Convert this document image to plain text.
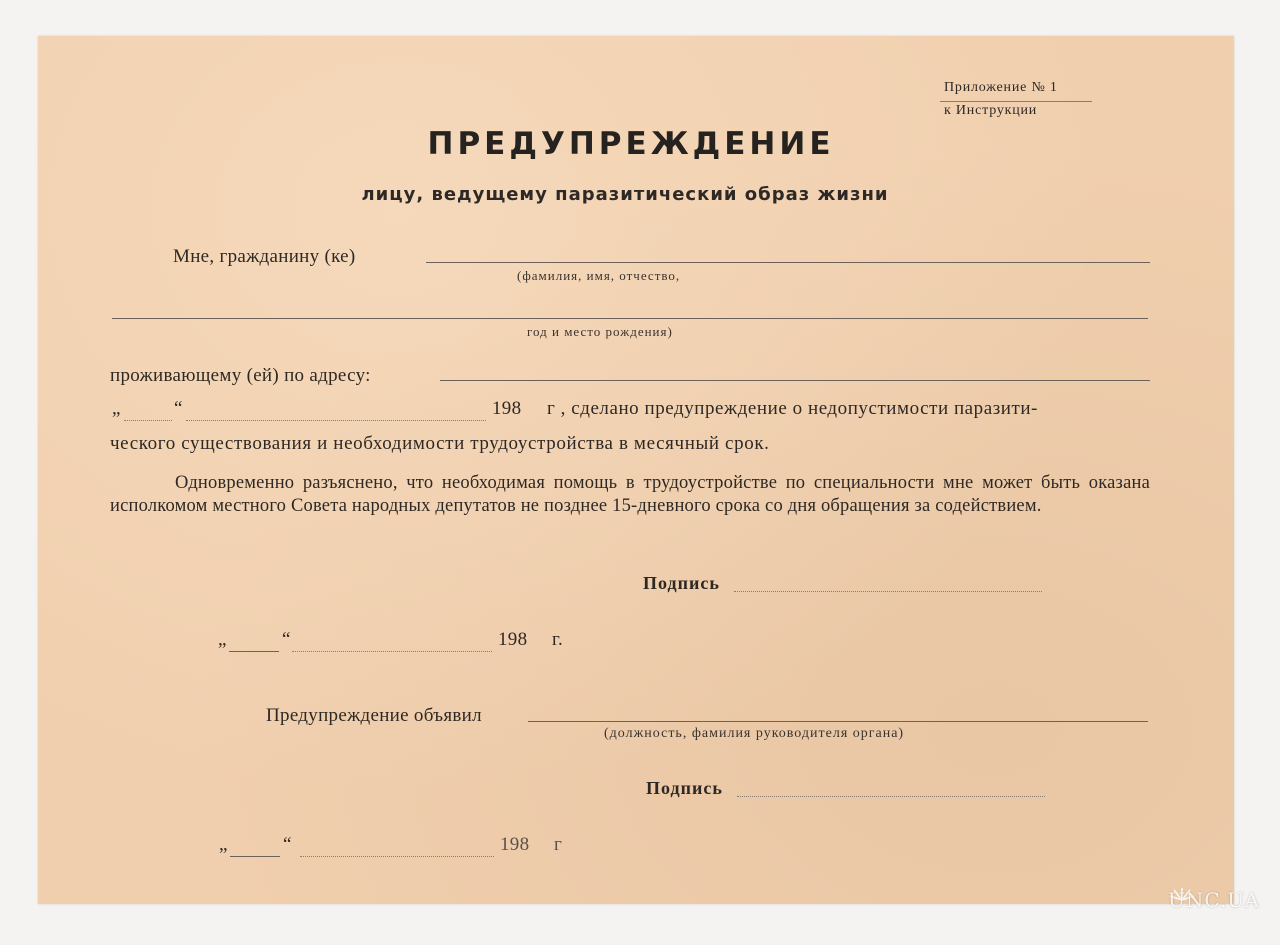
Приложение № 1
к Инструкции
ПРЕДУПРЕЖДЕНИЕ
лицу, ведущему паразитический образ жизни
Мне, гражданину (ке)
(фамилия, имя, отчество,
год и место рождения)
проживающему (ей) по адресу:
„	“	198 г , сделано предупреждение о недопустимости паразити-
ческого существования и необходимости трудоустройства в месячный срок.
Одновременно разъяснено, что необходимая помощь в трудоустройстве по специальности мне может быть оказана исполкомом местного Совета народных депутатов не позднее 15-дневного срока со дня обращения за содействием.
Подпись
„	“	198 г.
Предупреждение объявил
(должность, фамилия руководителя органа)
Подпись
„	“	198 г
UNC.UA
